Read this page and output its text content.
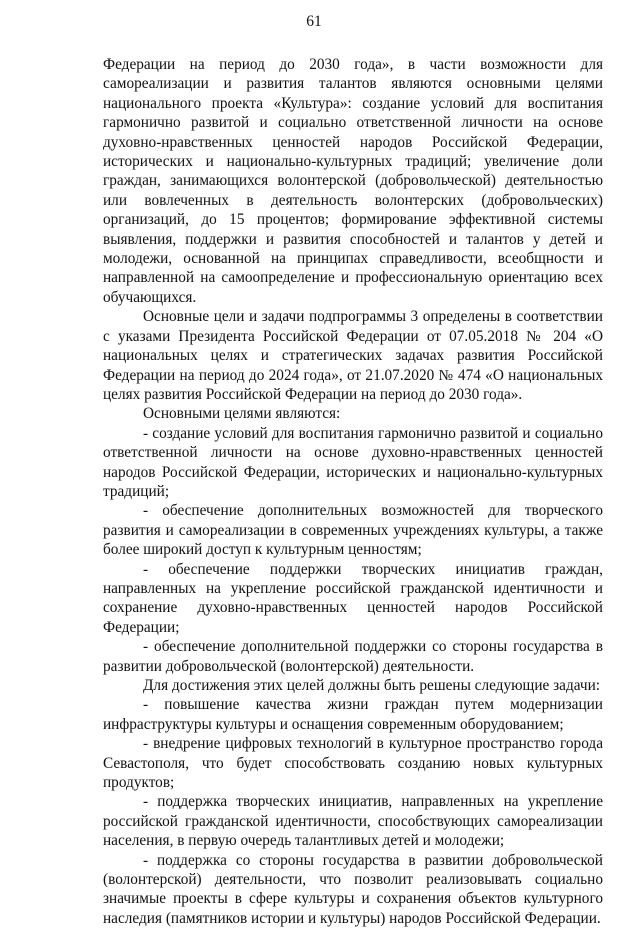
61

Федерации на период до 2030 года», в части возможности для самореализации и развития талантов являются основными целями национального проекта «Культура»: создание условий для воспитания гармонично развитой и социально ответственной личности на основе духовно-нравственных ценностей народов Российской Федерации, исторических и национально-культурных традиций; увеличение доли граждан, занимающихся волонтерской (добровольческой) деятельностью или вовлеченных в деятельность волонтерских (добровольческих) организаций, до 15 процентов; формирование эффективной системы выявления, поддержки и развития способностей и талантов у детей и молодежи, основанной на принципах справедливости, всеобщности и направленной на самоопределение и профессиональную ориентацию всех обучающихся.

Основные цели и задачи подпрограммы 3 определены в соответствии с указами Президента Российской Федерации от 07.05.2018 № 204 «О национальных целях и стратегических задачах развития Российской Федерации на период до 2024 года», от 21.07.2020 № 474 «О национальных целях развития Российской Федерации на период до 2030 года».

Основными целями являются:

- создание условий для воспитания гармонично развитой и социально ответственной личности на основе духовно-нравственных ценностей народов Российской Федерации, исторических и национально-культурных традиций;

- обеспечение дополнительных возможностей для творческого развития и самореализации в современных учреждениях культуры, а также более широкий доступ к культурным ценностям;

- обеспечение поддержки творческих инициатив граждан, направленных на укрепление российской гражданской идентичности и сохранение духовно-нравственных ценностей народов Российской Федерации;

- обеспечение дополнительной поддержки со стороны государства в развитии добровольческой (волонтерской) деятельности.

Для достижения этих целей должны быть решены следующие задачи:

- повышение качества жизни граждан путем модернизации инфраструктуры культуры и оснащения современным оборудованием;

- внедрение цифровых технологий в культурное пространство города Севастополя, что будет способствовать созданию новых культурных продуктов;

- поддержка творческих инициатив, направленных на укрепление российской гражданской идентичности, способствующих самореализации населения, в первую очередь талантливых детей и молодежи;

- поддержка со стороны государства в развитии добровольческой (волонтерской) деятельности, что позволит реализовывать социально значимые проекты в сфере культуры и сохранения объектов культурного наследия (памятников истории и культуры) народов Российской Федерации.
